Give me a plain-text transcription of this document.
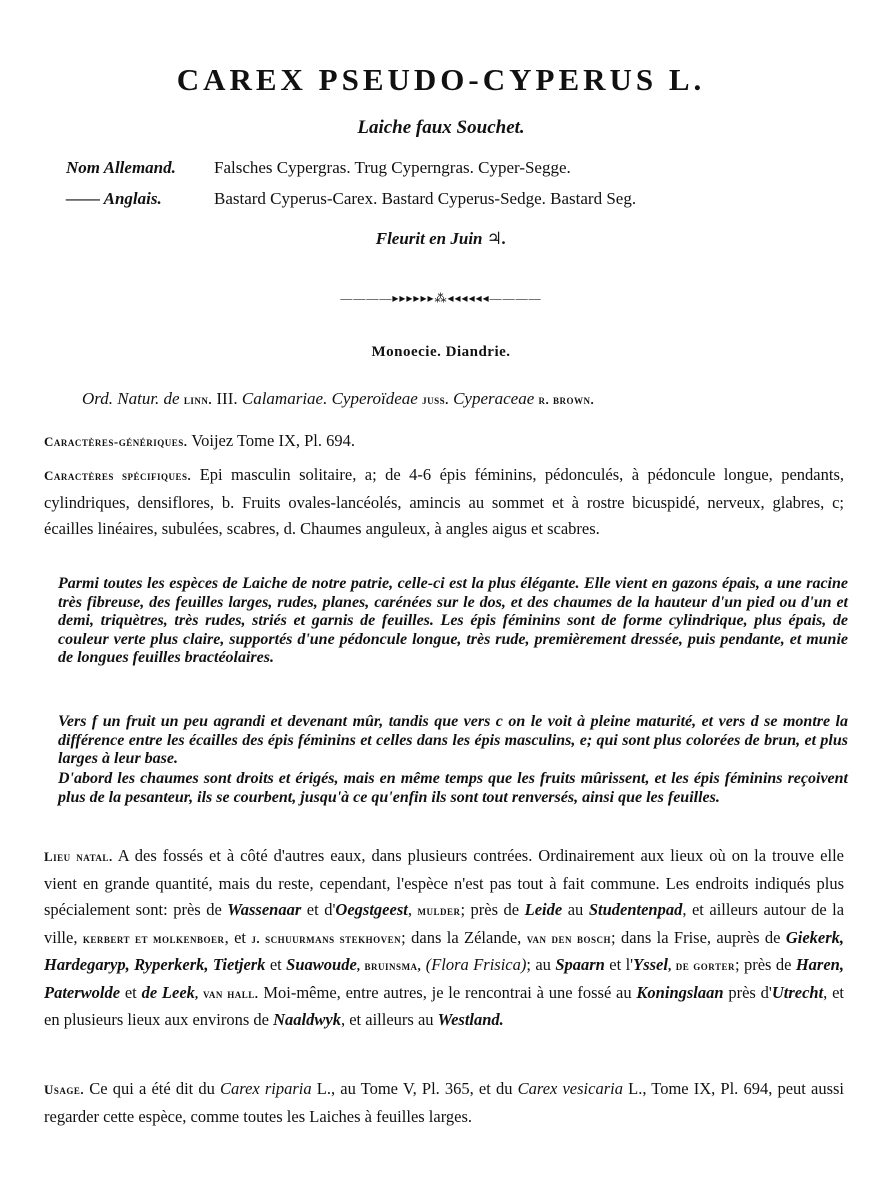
CAREX PSEUDO-CYPERUS L.
Laiche faux Souchet.
Nom Allemand. Falsches Cypergras. Trug Cyperngras. Cyper-Segge.
—— Anglais.	Bastard Cyperus-Carex. Bastard Cyperus-Sedge. Bastard Seg.
Fleurit en Juin ♃.
————▸▸▸▸▸▸⁂◂◂◂◂◂◂————
Monoecie. Diandrie.
Ord. Natur. de linn. III. Calamariae. Cyperoïdeae juss. Cyperaceae r. brown.
Caractères-génériques. Voijez Tome IX, Pl. 694.
Caractères spécifiques. Epi masculin solitaire, a; de 4-6 épis féminins, pédonculés, à pédoncule longue, pendants, cylindriques, densiflores, b. Fruits ovales-lancéolés, amincis au sommet et à rostre bicuspidé, nerveux, glabres, c; écailles linéaires, subulées, scabres, d. Chaumes anguleux, à angles aigus et scabres.
Parmi toutes les espèces de Laiche de notre patrie, celle-ci est la plus élégante. Elle vient en gazons épais, a une racine très fibreuse, des feuilles larges, rudes, planes, carénées sur le dos, et des chaumes de la hauteur d'un pied ou d'un et demi, triquètres, très rudes, striés et garnis de feuilles. Les épis féminins sont de forme cylindrique, plus épais, de couleur verte plus claire, supportés d'une pédoncule longue, très rude, premièrement dressée, puis pendante, et munie de longues feuilles bractéolaires.
Vers f un fruit un peu agrandi et devenant mûr, tandis que vers c on le voit à pleine maturité, et vers d se montre la différence entre les écailles des épis féminins et celles dans les épis masculins, e; qui sont plus colorées de brun, et plus larges à leur base.
D'abord les chaumes sont droits et érigés, mais en même temps que les fruits mûrissent, et les épis féminins reçoivent plus de la pesanteur, ils se courbent, jusqu'à ce qu'enfin ils sont tout renversés, ainsi que les feuilles.
Lieu natal. A des fossés et à côté d'autres eaux, dans plusieurs contrées. Ordinairement aux lieux où on la trouve elle vient en grande quantité, mais du reste, cependant, l'espèce n'est pas tout à fait commune. Les endroits indiqués plus spécialement sont: près de Wassenaar et d'Oegstgeest, mulder; près de Leide au Studentenpad, et ailleurs autour de la ville, kerbert et molkenboer, et j. schuurmans stekhoven; dans la Zélande, van den bosch; dans la Frise, auprès de Giekerk, Hardegaryp, Ryperkerk, Tietjerk et Suawoude, bruinsma, (Flora Frisica); au Spaarn et l'Yssel, de gorter; près de Haren, Paterwolde et de Leek, van hall. Moi-même, entre autres, je le rencontrai à une fossé au Koningslaan près d'Utrecht, et en plusieurs lieux aux environs de Naaldwyk, et ailleurs au Westland.
Usage. Ce qui a été dit du Carex riparia L., au Tome V, Pl. 365, et du Carex vesicaria L., Tome IX, Pl. 694, peut aussi regarder cette espèce, comme toutes les Laiches à feuilles larges.
